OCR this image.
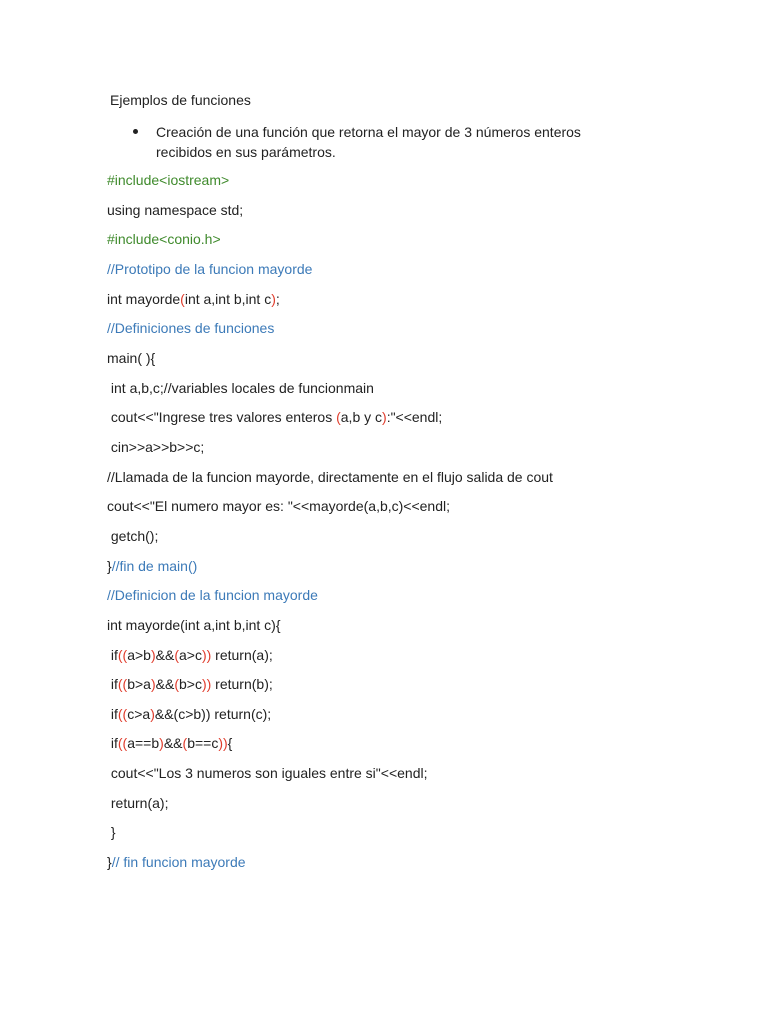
Ejemplos de funciones
Creación de una función que retorna el mayor de 3 números enteros recibidos en sus parámetros.
#include<iostream>
using namespace std;
#include<conio.h>
//Prototipo de la funcion mayorde
int mayorde(int a,int b,int c);
//Definiciones de funciones
main( ){
int a,b,c;//variables locales de funcionmain
cout<<"Ingrese tres valores enteros (a,b y c):"<<endl;
cin>>a>>b>>c;
//Llamada de la funcion mayorde, directamente en el flujo salida de cout
cout<<"El numero mayor es: "<<mayorde(a,b,c)<<endl;
getch();
}//fin de main()
//Definicion de la funcion mayorde
int mayorde(int a,int b,int c){
if((a>b)&&(a>c)) return(a);
if((b>a)&&(b>c)) return(b);
if((c>a)&&(c>b)) return(c);
if((a==b)&&(b==c)){
cout<<"Los 3 numeros son iguales entre si"<<endl;
return(a);
}
}// fin funcion mayorde
